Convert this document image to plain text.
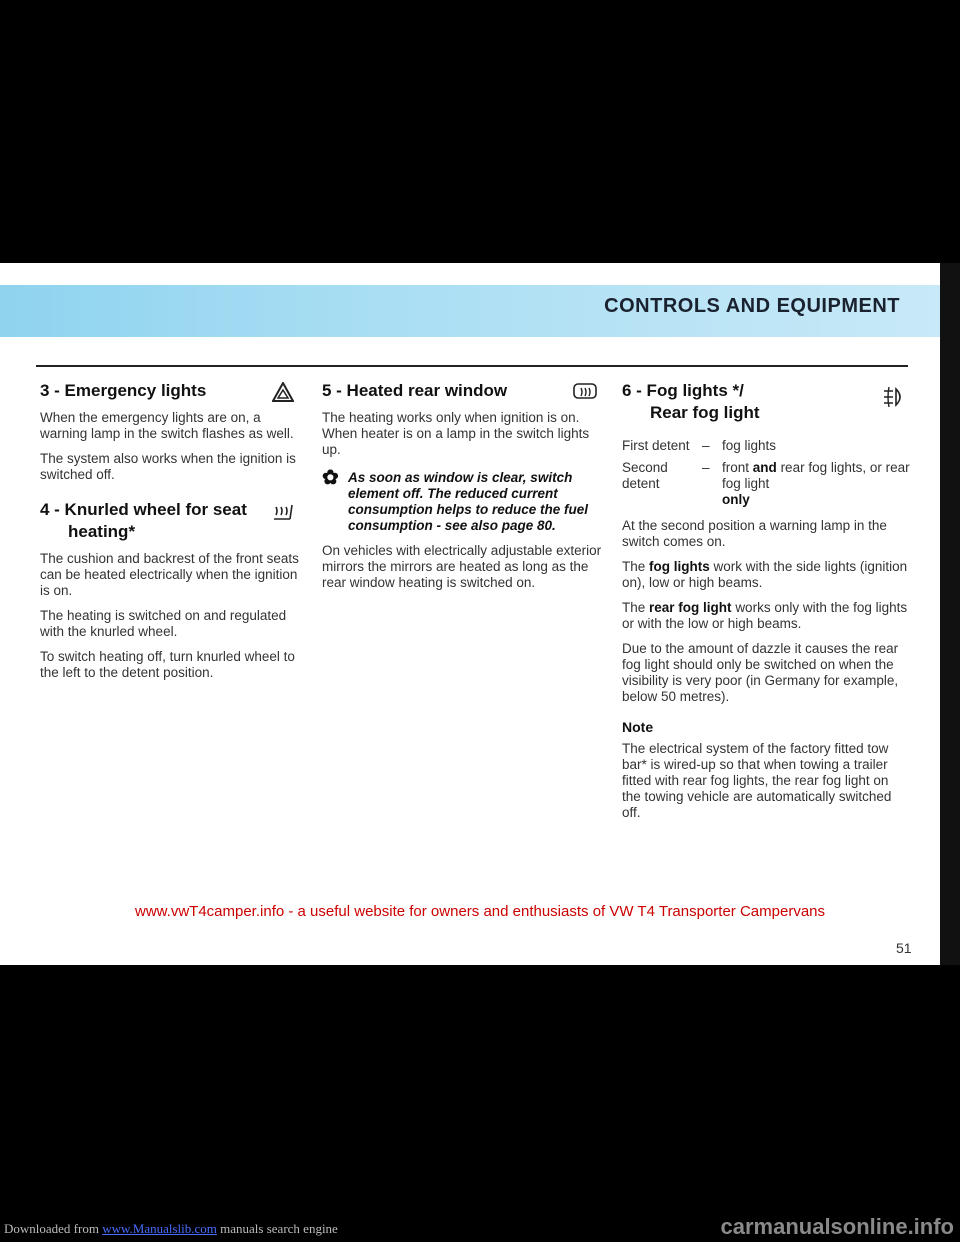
CONTROLS AND EQUIPMENT
3 - Emergency lights

When the emergency lights are on, a warning lamp in the switch flashes as well.

The system also works when the ignition is switched off.

4 - Knurled wheel for seat
heating*

The cushion and backrest of the front seats can be heated electrically when the ignition is on.

The heating is switched on and regulated with the knurled wheel.

To switch heating off, turn knurled wheel to the left to the detent position.

5 - Heated rear window

The heating works only when ignition is on. When heater is on a lamp in the switch lights up.

✿ As soon as window is clear, switch element off. The reduced current consumption helps to reduce the fuel consumption - see also page 80.

On vehicles with electrically adjustable exterior mirrors the mirrors are heated as long as the rear window heating is switched on.

6 - Fog lights */
Rear fog light
First detent – fog lights
Second detent
– front and rear fog lights, or rear fog light
only

At the second position a warning lamp in the switch comes on.

The fog lights work with the side lights (ignition on), low or high beams.

The rear fog light works only with the fog lights or with the low or high beams.

Due to the amount of dazzle it causes the rear fog light should only be switched on when the visibility is very poor (in Germany for example, below 50 metres).

Note

The electrical system of the factory fitted tow bar* is wired-up so that when towing a trailer fitted with rear fog lights, the rear fog light on the towing vehicle are automatically switched off.

www.vwT4camper.info - a useful website for owners and enthusiasts of VW T4 Transporter Campervans
51
Downloaded from www.Manualslib.com manuals search engine	carmanualsonline.info
